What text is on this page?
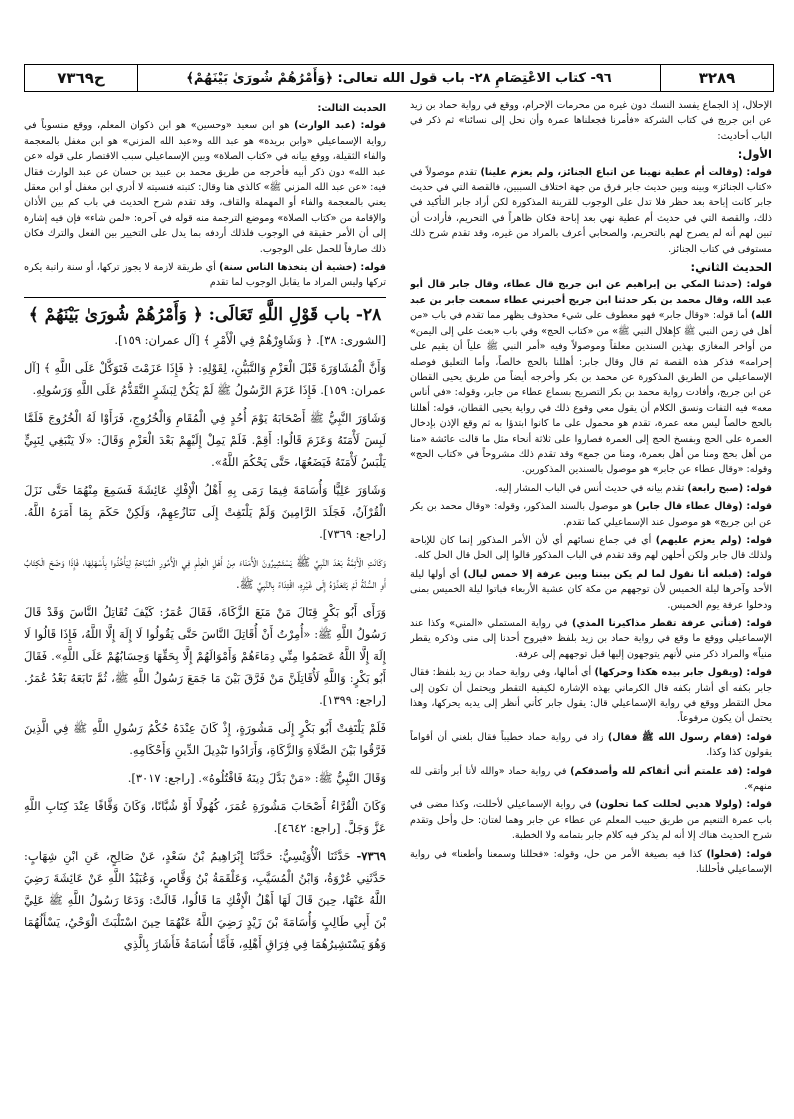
٣٢٨٩
٩٦- كتاب الاعْتِصَامِ ٢٨- باب قول الله تعالى: ﴿وَأَمْرُهُمْ شُورَىٰ بَيْنَهُمْ﴾
ح٧٣٦٩

الإحلال، إذ الجماع يفسد النسك دون غيره من محرمات الإحرام، ووقع في رواية حماد بن زيد عن ابن جريج في كتاب الشركة «فأمرنا فجعلناها عمرة وأن نحل إلى نسائنا» ثم ذكر في الباب أحاديث:

الأول:

قوله: (وقالت أم عطية نهينا عن اتباع الجنائز، ولم يعزم علينا) تقدم موصولاً في «كتاب الجنائز» وبينه وبين حديث جابر فرق من جهة اختلاف السببين، فالقصة التي في حديث جابر كانت إباحة بعد حظر فلا تدل على الوجوب للقرينة المذكورة لكن أراد جابر التأكيد في ذلك، والقصة التي في حديث أم عطية نهي بعد إباحة فكان ظاهراً في التحريم، فأرادت أن تبين لهم أنه لم يصرح لهم بالتحريم، والصحابي أعرف بالمراد من غيره، وقد تقدم شرح ذلك مستوفى في كتاب الجنائز.

الحديث الثاني:

قوله: (حدثنا المكي بن إبراهيم عن ابن جريج قال عطاء، وقال جابر قال أبو عبد الله، وقال محمد بن بكر حدثنا ابن جريج أخبرني عطاء سمعت جابر بن عبد الله) أما قوله: «وقال جابر» فهو معطوف على شيء محذوف يظهر مما تقدم في باب «من أهل في زمن النبي ﷺ كإهلال النبي ﷺ» من «كتاب الحج» وفي باب «بعث علي إلى اليمن» من أواخر المغازي بهذين السندين معلقاً وموصولاً وفيه «أمر النبي ﷺ علياً أن يقيم على إحرامه» فذكر هذه القصة ثم قال وقال جابر: أهللنا بالحج خالصاً، وأما التعليق فوصله الإسماعيلي من الطريق المذكورة عن محمد بن بكر وأخرجه أيضاً من طريق يحيى القطان عن ابن جريج، وأفادت رواية محمد بن بكر التصريح بسماع عطاء من جابر، وقوله: «في أناس معه» فيه التفات ونسق الكلام أن يقول معي وقوع ذلك في رواية يحيى القطان، قوله: أهللنا بالحج خالصاً ليس معه عمرة، تقدم هو محمول على ما كانوا ابتدؤا به ثم وقع الإذن بإدخال العمرة على الحج وبفسخ الحج إلى العمرة فصاروا على ثلاثة أنحاء مثل ما قالت عائشة «منا من أهل بحج ومنا من أهل بعمرة، ومنا من جمع» وقد تقدم ذلك مشروحاً في «كتاب الحج» وقوله: «وقال عطاء عن جابر» هو موصول بالسندين المذكورين.

قوله: (صبح رابعة) تقدم بيانه في حديث أنس في الباب المشار إليه.

قوله: (وقال عطاء قال جابر) هو موصول بالسند المذكور، وقوله: «وقال محمد بن بكر عن ابن جريج» هو موصول عند الإسماعيلي كما تقدم.

قوله: (ولم يعزم عليهم) أي في جماع نسائهم أي لأن الأمر المذكور إنما كان للإباحة ولذلك قال جابر ولكن أحلهن لهم وقد تقدم في الباب المذكور قالوا إلى الحل قال الحل كله.

قوله: (فبلغه أنا نقول لما لم يكن بيننا وبين عرفة إلا خمس ليال) أي أولها ليلة الأحد وآخرها ليلة الخميس لأن توجههم من مكة كان عشية الأربعاء فباتوا ليلة الخميس بمنى ودخلوا عرفة يوم الخميس.

قوله: (فنأتي عرفة تقطر مذاكيرنا المذي) في رواية المستملي «المني» وكذا عند الإسماعيلي ووقع ما وقع في رواية حماد بن زيد بلفظ «فيروح أحدنا إلى منى وذكره يقطر منياً» والمراد ذكر مني لأنهم يتوجهون إليها قبل توجههم إلى عرفة.

قوله: (ويقول جابر بيده هكذا وحركها) أي أمالها، وفي رواية حماد بن زيد بلفظ: فقال جابر بكفه أي أشار بكفه قال الكرماني بهذه الإشارة لكيفية التقطر ويحتمل أن تكون إلى محل التقطر ووقع في رواية الإسماعيلي قال: يقول جابر كأني أنظر إلى يديه يحركها، وهذا يحتمل أن يكون مرفوعاً.

قوله: (فقام رسول الله ﷺ فقال) زاد في رواية حماد خطيباً فقال بلغني أن أقواماً يقولون كذا وكذا.

قوله: (قد علمتم أني أتقاكم لله وأصدقكم) في رواية حماد «والله لأنا أبر وأتقى لله منهم».

قوله: (ولولا هديي لحللت كما تحلون) في رواية الإسماعيلي لأحللت، وكذا مضى في باب عمرة التنعيم من طريق حبيب المعلم عن عطاء عن جابر وهما لغتان: حل وأحل وتقدم شرح الحديث هناك إلا أنه لم يذكر فيه كلام جابر بتمامه ولا الخطبة.

قوله: (فحلوا) كذا فيه بصيغة الأمر من حل، وقوله: «فحللنا وسمعنا وأطعنا» في رواية الإسماعيلي فأحللنا.

الحديث الثالث:

قوله: (عبد الوارث) هو ابن سعيد «وحسين» هو ابن ذكوان المعلم، ووقع منسوباً في رواية الإسماعيلي «وابن بريدة» هو عبد الله و«عبد الله المزني» هو ابن مغفل بالمعجمة والفاء الثقيلة، ووقع بيانه في «كتاب الصلاة» وبين الإسماعيلي سبب الاقتصار على قوله «عن عبد الله» دون ذكر أبيه فأخرجه من طريق محمد بن عبيد بن حسان عن عبد الوارث فقال فيه: «عن عبد الله المزني ﷺ» كالذي هنا وقال: كتبته فنسيته لا أدري ابن مغفل أو ابن معقل يعني بالمعجمة والفاء أو المهملة والقاف، وقد تقدم شرح الحديث في باب كم بين الأذان والإقامة من «كتاب الصلاة» وموضع الترجمة منه قوله في آخره: «لمن شاء» فإن فيه إشارة إلى أن الأمر حقيقة في الوجوب فلذلك أردفه بما يدل على التخيير بين الفعل والترك فكان ذلك صارفاً للحمل على الوجوب.

قوله: (خشية أن يتخذها الناس سنة) أي طريقة لازمة لا يجوز تركها، أو سنة راتبة يكره تركها وليس المراد ما يقابل الوجوب لما تقدم

٢٨- باب قَوْلِ اللَّهِ تَعَالَى: ﴿ وَأَمْرُهُمْ شُورَىٰ بَيْنَهُمْ ﴾

[الشورى: ٣٨]. ﴿ وَشَاوِرْهُمْ فِي الْأَمْرِ ﴾ [آل عمران: ١٥٩].

وَأَنَّ الْمُشَاوَرَةَ قَبْلَ الْعَزْمِ وَالتَّبَيُّنِ، لِقَوْلِهِ: ﴿ فَإِذَا عَزَمْتَ فَتَوَكَّلْ عَلَى اللَّهِ ﴾ [آل عمران: ١٥٩]. فَإِذَا عَزَمَ الرَّسُولُ ﷺ لَمْ يَكُنْ لِبَشَرٍ التَّقَدُّمُ عَلَى اللَّهِ وَرَسُولِهِ.

وَشَاوَرَ النَّبِيُّ ﷺ أَصْحَابَهُ يَوْمَ أُحُدٍ فِي الْمُقَامِ وَالْخُرُوجِ، فَرَأَوْا لَهُ الْخُرُوجَ فَلَمَّا لَبِسَ لَأْمَتَهُ وَعَزَمَ قَالُوا: أَقِمْ. فَلَمْ يَمِلْ إِلَيْهِمْ بَعْدَ الْعَزْمِ وَقَالَ: «لَا يَنْبَغِي لِنَبِيٍّ يَلْبَسُ لَأْمَتَهُ فَيَضَعُهَا، حَتَّى يَحْكُمَ اللَّهُ».

وَشَاوَرَ عَلِيًّا وَأُسَامَةَ فِيمَا رَمَى بِهِ أَهْلُ الْإِفْكِ عَائِشَةَ فَسَمِعَ مِنْهُمَا حَتَّى نَزَلَ الْقُرْآنُ، فَجَلَدَ الرَّامِينَ وَلَمْ يَلْتَفِتْ إِلَى تَنَازُعِهِمْ، وَلَكِنْ حَكَمَ بِمَا أَمَرَهُ اللَّهُ. [راجع: ٧٣٦٩].

وَكَانَتِ الْأَئِمَّةُ بَعْدَ النَّبِيِّ ﷺ يَسْتَشِيرُونَ الْأُمَنَاءَ مِنْ أَهْلِ الْعِلْمِ فِي الْأُمُورِ الْمُبَاحَةِ لِيَأْخُذُوا بِأَسْهَلِهَا، فَإِذَا وَضَحَ الْكِتَابُ أَوِ السُّنَّةُ لَمْ يَتَعَدَّوْهُ إِلَى غَيْرِهِ، اقْتِدَاءً بِالنَّبِيِّ ﷺ.

وَرَأَى أَبُو بَكْرٍ قِتَالَ مَنْ مَنَعَ الزَّكَاةَ، فَقَالَ عُمَرُ: كَيْفَ تُقَاتِلُ النَّاسَ وَقَدْ قَالَ رَسُولُ اللَّهِ ﷺ: «أُمِرْتُ أَنْ أُقَاتِلَ النَّاسَ حَتَّى يَقُولُوا لَا إِلَهَ إِلَّا اللَّهُ، فَإِذَا قَالُوا لَا إِلَهَ إِلَّا اللَّهُ عَصَمُوا مِنِّي دِمَاءَهُمْ وَأَمْوَالَهُمْ إِلَّا بِحَقِّهَا وَحِسَابُهُمْ عَلَى اللَّهِ». فَقَالَ أَبُو بَكْرٍ: وَاللَّهِ لَأُقَاتِلَنَّ مَنْ فَرَّقَ بَيْنَ مَا جَمَعَ رَسُولُ اللَّهِ ﷺ، ثُمَّ تَابَعَهُ بَعْدُ عُمَرُ. [راجع: ١٣٩٩].

فَلَمْ يَلْتَفِتْ أَبُو بَكْرٍ إِلَى مَشُورَةٍ، إِذْ كَانَ عِنْدَهُ حُكْمُ رَسُولِ اللَّهِ ﷺ فِي الَّذِينَ فَرَّقُوا بَيْنَ الصَّلَاةِ وَالزَّكَاةِ، وَأَرَادُوا تَبْدِيلَ الدِّينِ وَأَحْكَامِهِ.

وَقَالَ النَّبِيُّ ﷺ: «مَنْ بَدَّلَ دِينَهُ فَاقْتُلُوهُ». [راجع: ٣٠١٧].

وَكَانَ الْقُرَّاءُ أَصْحَابَ مَشُورَةِ عُمَرَ، كُهُولًا أَوْ شُبَّانًا، وَكَانَ وَقَّافًا عِنْدَ كِتَابِ اللَّهِ عَزَّ وَجَلَّ. [راجع: ٤٦٤٢].

٧٣٦٩- حَدَّثَنَا الْأُوَيْسِيُّ: حَدَّثَنَا إِبْرَاهِيمُ بْنُ سَعْدٍ، عَنْ صَالِحٍ، عَنِ ابْنِ شِهَابٍ: حَدَّثَنِي عُرْوَةُ، وَابْنُ الْمُسَيَّبِ، وَعَلْقَمَةُ بْنُ وَقَّاصٍ، وَعُبَيْدُ اللَّهِ عَنْ عَائِشَةَ رَضِيَ اللَّهُ عَنْهَا، حِينَ قَالَ لَهَا أَهْلُ الْإِفْكِ مَا قَالُوا، قَالَتْ: وَدَعَا رَسُولُ اللَّهِ ﷺ عَلِيَّ بْنَ أَبِي طَالِبٍ وَأُسَامَةَ بْنَ زَيْدٍ رَضِيَ اللَّهُ عَنْهُمَا حِينَ اسْتَلْبَثَ الْوَحْيُ، يَسْأَلُهُمَا وَهُوَ يَسْتَشِيرُهُمَا فِي فِرَاقِ أَهْلِهِ، فَأَمَّا أُسَامَةُ فَأَشَارَ بِالَّذِي
